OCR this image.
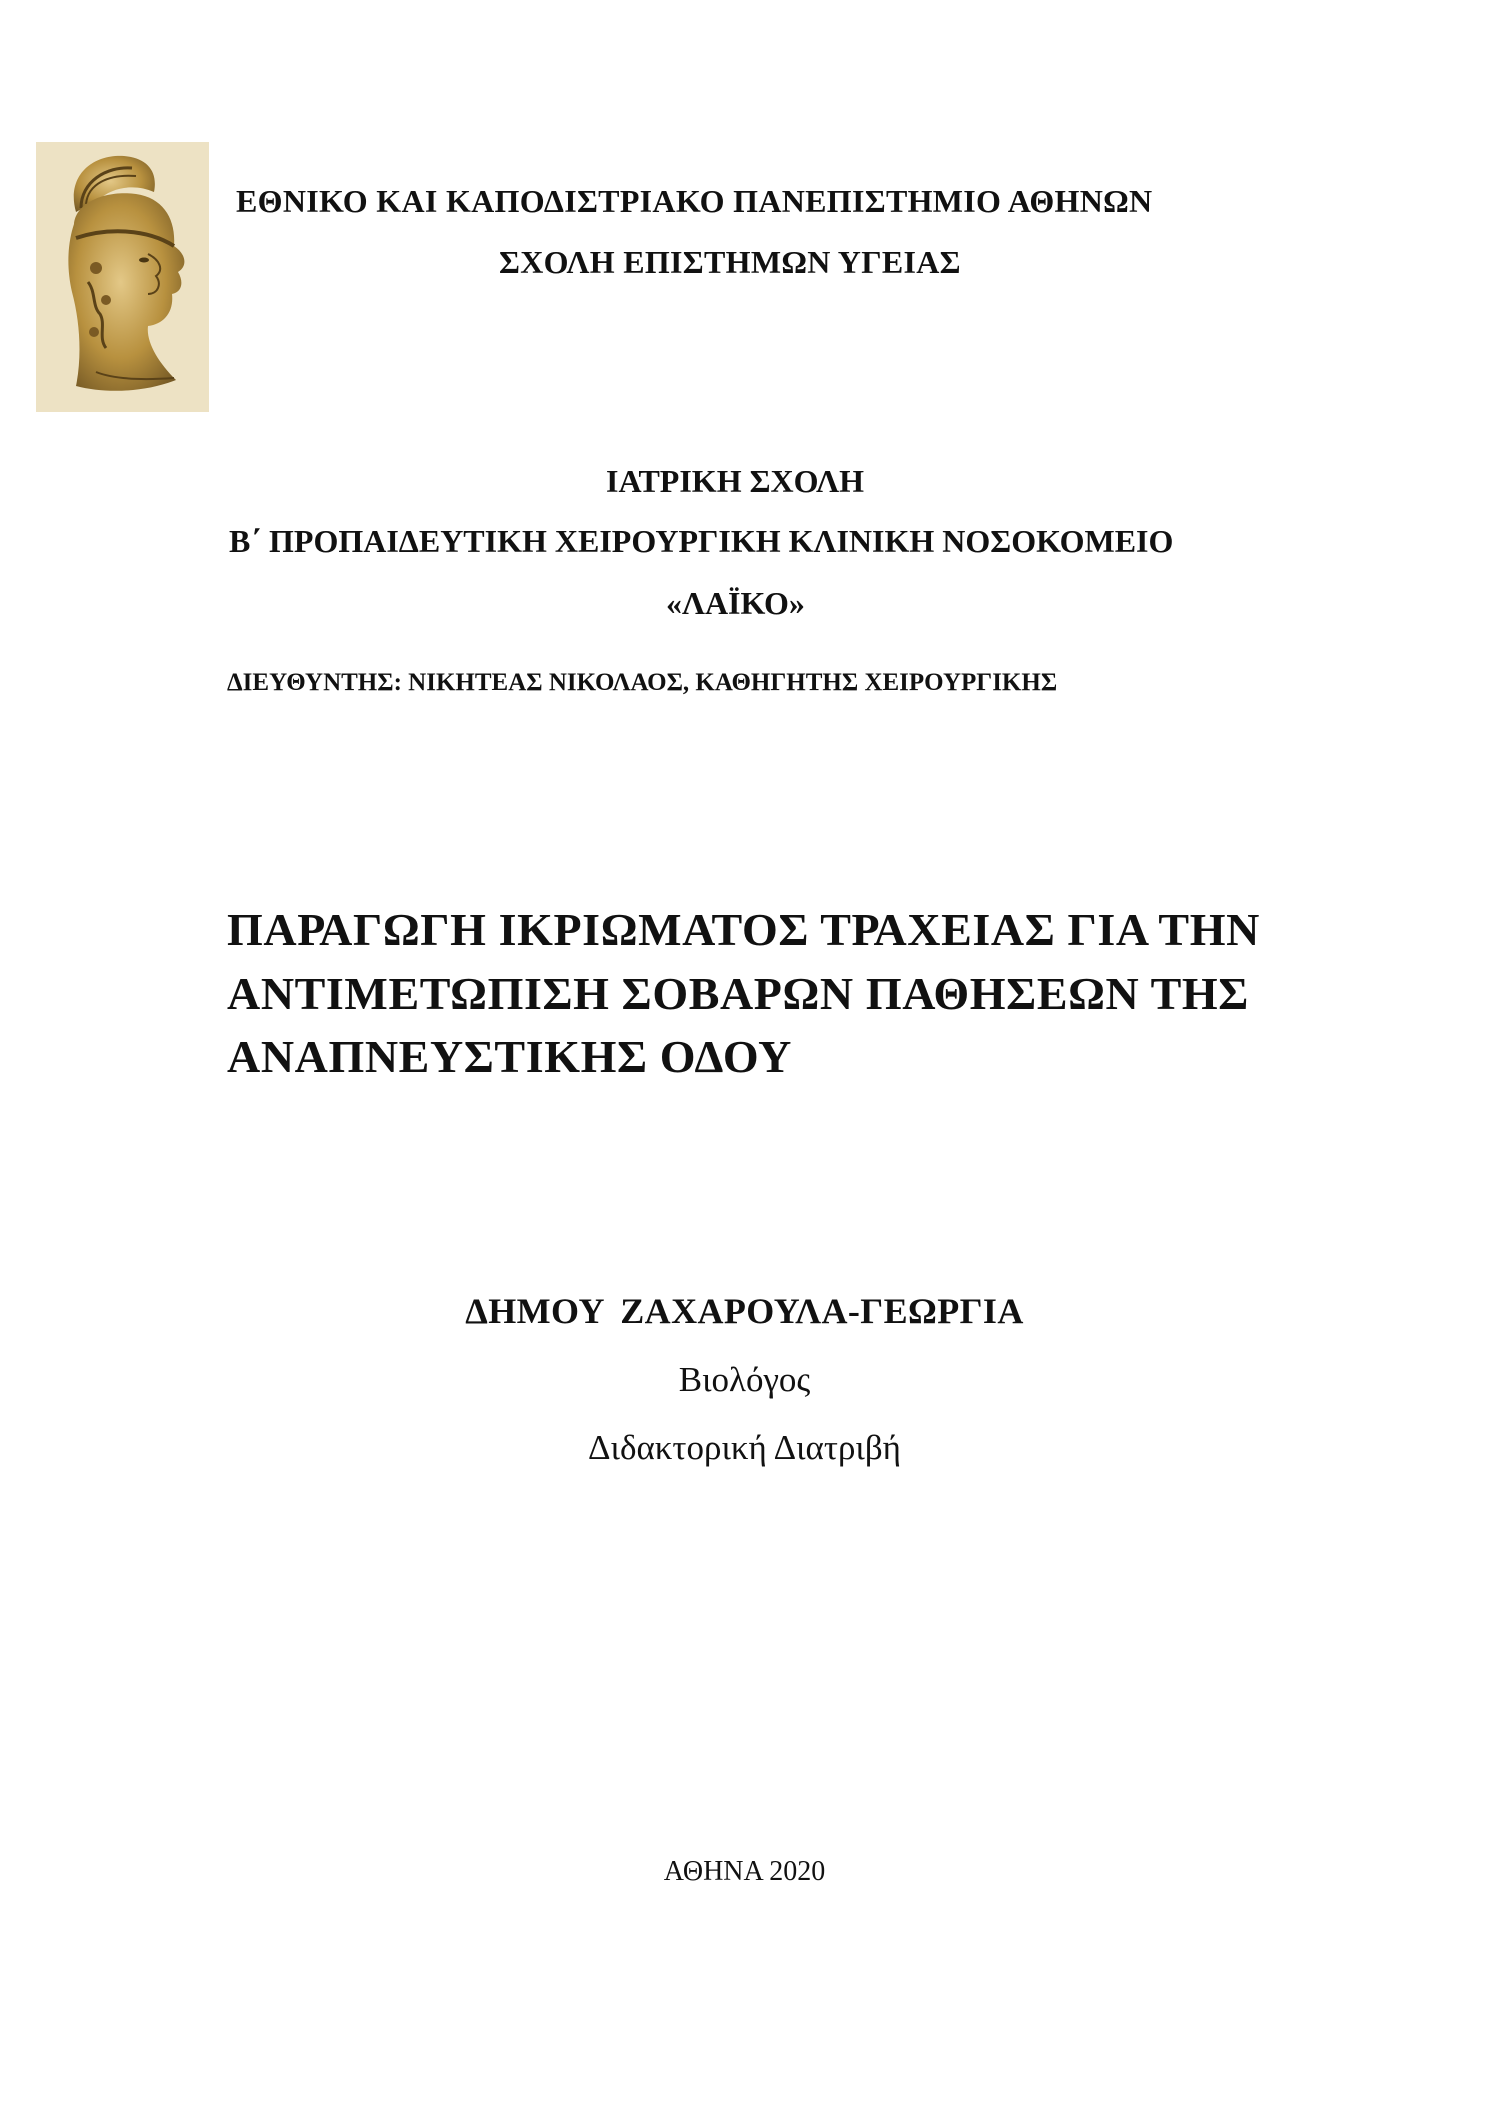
ΕΘΝΙΚΟ ΚΑΙ ΚΑΠΟΔΙΣΤΡΙΑΚΟ ΠΑΝΕΠΙΣΤΗΜΙΟ ΑΘΗΝΩΝ

ΣΧΟΛΗ ΕΠΙΣΤΗΜΩΝ ΥΓΕΙΑΣ

ΙΑΤΡΙΚΗ ΣΧΟΛΗ

Β΄ ΠΡΟΠΑΙΔΕΥΤΙΚΗ ΧΕΙΡΟΥΡΓΙΚΗ ΚΛΙΝΙΚΗ ΝΟΣΟΚΟΜΕΙΟ

«ΛΑΪΚΟ»

ΔΙΕΥΘΥΝΤΗΣ: ΝΙΚΗΤΕΑΣ ΝΙΚΟΛΑΟΣ, ΚΑΘΗΓΗΤΗΣ ΧΕΙΡΟΥΡΓΙΚΗΣ

ΠΑΡΑΓΩΓΗ ΙΚΡΙΩΜΑΤΟΣ ΤΡΑΧΕΙΑΣ ΓΙΑ ΤΗΝ

ΑΝΤΙΜΕΤΩΠΙΣΗ ΣΟΒΑΡΩΝ ΠΑΘΗΣΕΩΝ ΤΗΣ

ΑΝΑΠΝΕΥΣΤΙΚΗΣ ΟΔΟΥ

ΔΗΜΟΥ ΖΑΧΑΡΟΥΛΑ-ΓΕΩΡΓΙΑ

Βιολόγος

Διδακτορική Διατριβή

ΑΘΗΝΑ 2020
